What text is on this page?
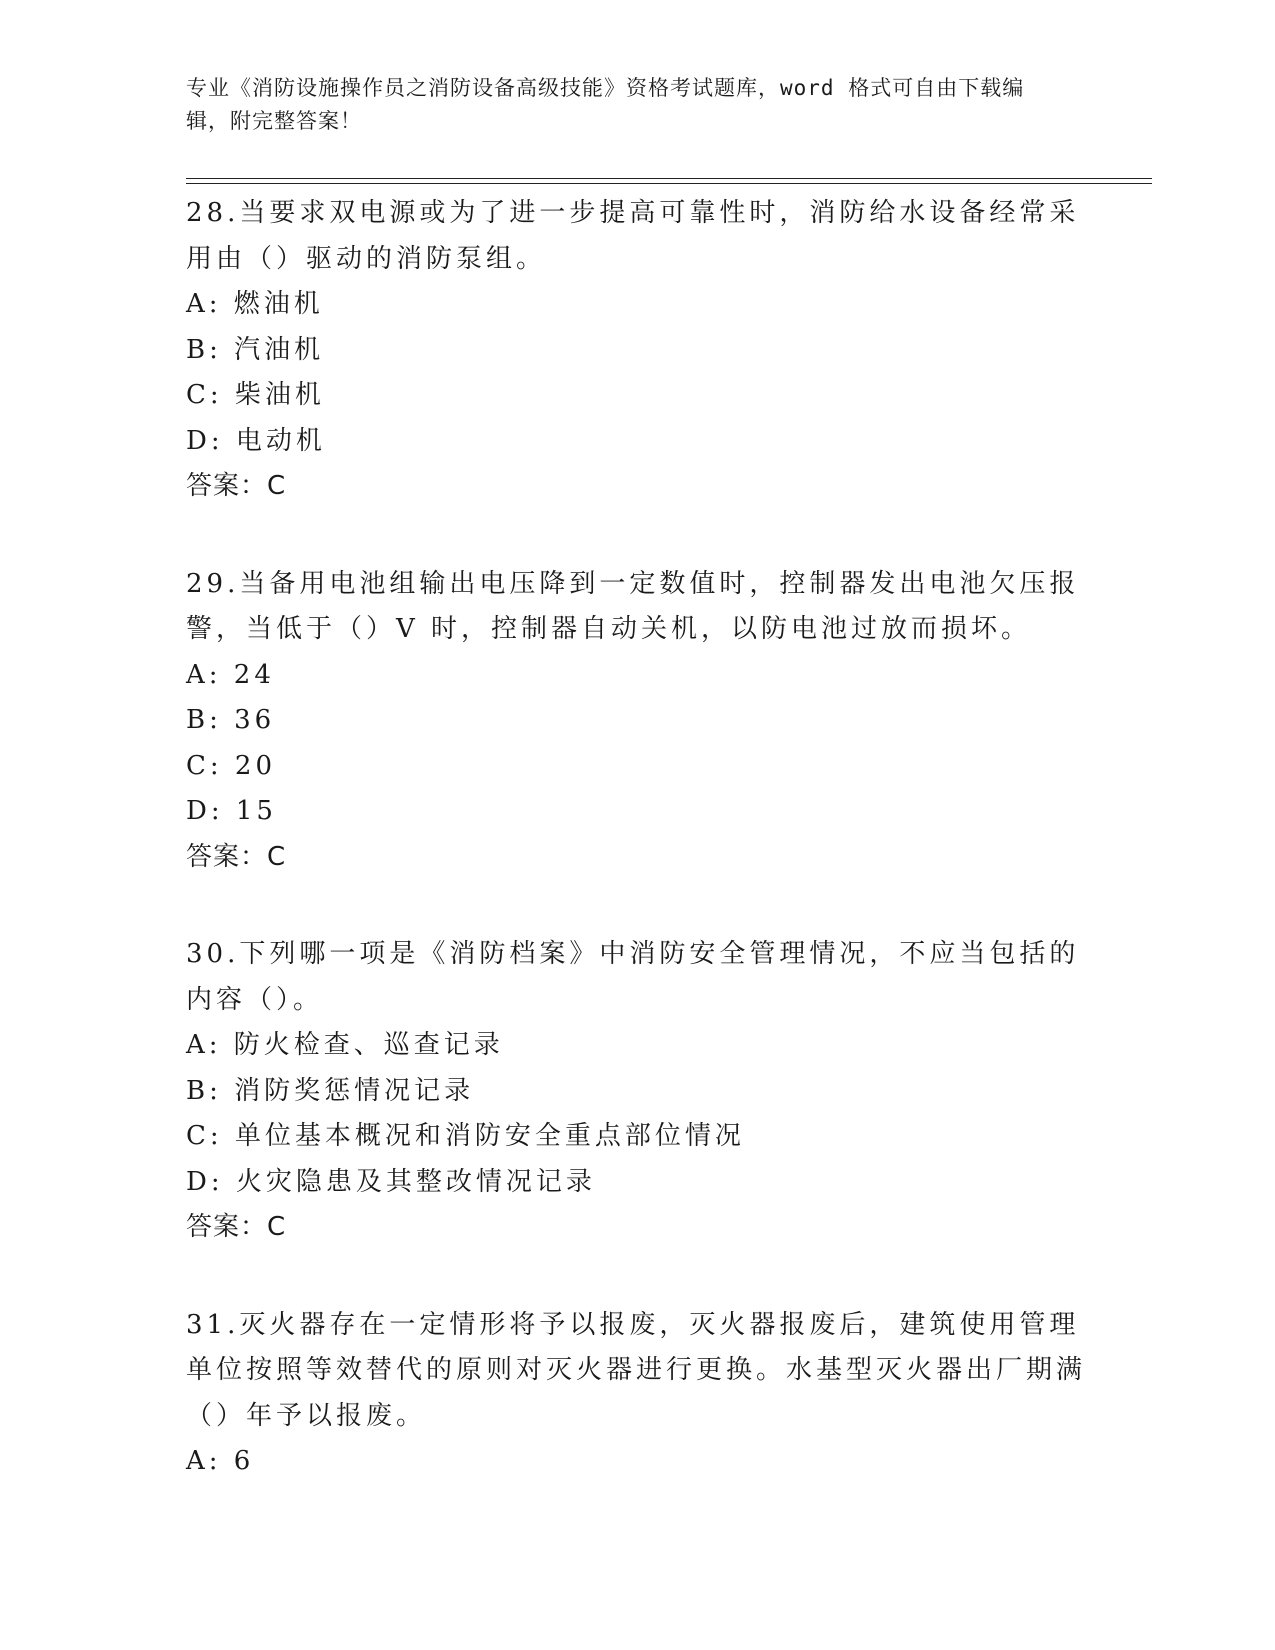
专业《消防设施操作员之消防设备高级技能》资格考试题库，word 格式可自由下载编辑，附完整答案！
28.当要求双电源或为了进一步提高可靠性时，消防给水设备经常采用由（）驱动的消防泵组。
A: 燃油机
B: 汽油机
C: 柴油机
D: 电动机
答案：C
29.当备用电池组输出电压降到一定数值时，控制器发出电池欠压报警，当低于（）V 时，控制器自动关机，以防电池过放而损坏。
A: 24
B: 36
C: 20
D: 15
答案：C
30.下列哪一项是《消防档案》中消防安全管理情况，不应当包括的内容（）。
A: 防火检查、巡查记录
B: 消防奖惩情况记录
C: 单位基本概况和消防安全重点部位情况
D: 火灾隐患及其整改情况记录
答案：C
31.灭火器存在一定情形将予以报废，灭火器报废后，建筑使用管理单位按照等效替代的原则对灭火器进行更换。水基型灭火器出厂期满（）年予以报废。
A: 6
